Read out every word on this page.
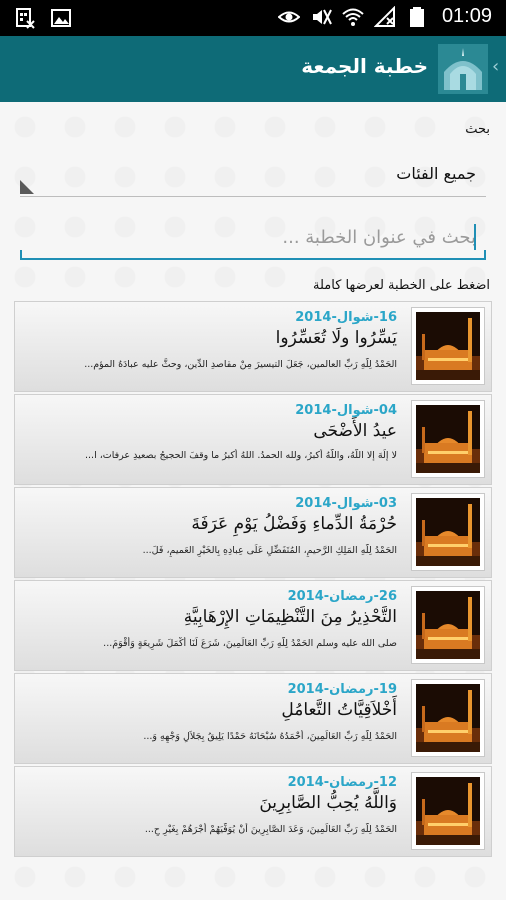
01:09
‹
خطبة الجمعة
بحث
جميع الفئات
بحث في عنوان الخطبة ...
اضغط على الخطبة لعرضها كاملة
16-شوال-2014
يَسِّرُوا ولَا تُعَسِّرُوا
الحَمْدُ لِلَّهِ رَبِّ العالمين، جَعَلَ التيسيرَ مِنْ مقاصدِ الدِّين، وحثَّ عليه عبادَهُ المؤم...
04-شوال-2014
عيدُ الأَضْحَى
لا إلَهَ إلا اللَّهُ، واللَّهُ أكبرُ، ولله الحمدُ. اللهُ أكبرُ ما وقفَ الحجيجُ بصعيدِ عرفات، ا...
03-شوال-2014
حُرْمَةُ الدِّماءِ وَفَضْلُ يَوْمِ عَرَفَةَ
الحَمْدُ لِلَّهِ المَلِكِ الرَّحيمِ، المُتَفَضِّلِ عَلَى عِبادِهِ بِالخَيْرِ العَميمِ، فَلَ...
26-رمضان-2014
التَّحْذِيرُ مِنَ التَّنْظِيمَاتِ الإِرْهَابِيَّةِ
صلى الله عليه وسلم الحَمْدُ لِلَّهِ رَبِّ العَالَمِينَ، شَرَعَ لَنَا أَكْمَلَ شَرِيعَةٍ وَأَقْوَمَ...
19-رمضان-2014
أَخْلاَقِيَّاتُ التَّعامُلِ
الحَمْدُ لِلَّهِ رَبِّ العَالَمِينَ، أَحْمَدُهُ سُبْحَانَهُ حَمْدًا يَلِيقُ بِجَلاَلِ وَجْهِهِ وَ...
12-رمضان-2014
وَاللَّهُ يُحِبُّ الصَّابِرِينَ
الحَمْدُ لِلَّهِ رَبِّ العَالَمِينَ، وَعَدَ الصَّابِرِينَ أَنْ يُوَفِّيَهُمْ أَجْرَهُمْ بِغَيْرِ حِ...
